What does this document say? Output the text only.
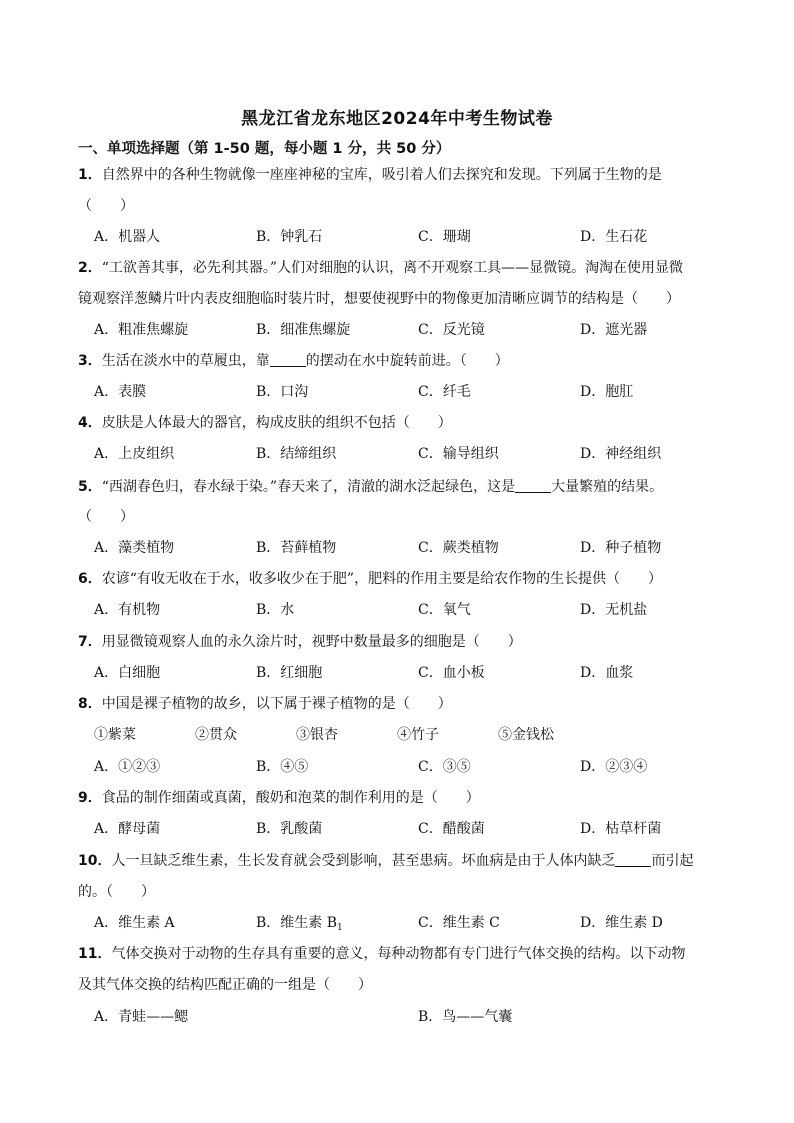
黑龙江省龙东地区2024年中考生物试卷
一、单项选择题（第 1-50 题，每小题 1 分，共 50 分）
1．自然界中的各种生物就像一座座神秘的宝库，吸引着人们去探究和发现。下列属于生物的是
（　　）
A．机器人	B．钟乳石	C．珊瑚	D．生石花
2．“工欲善其事，必先利其器。”人们对细胞的认识，离不开观察工具——显微镜。淘淘在使用显微
镜观察洋葱鳞片叶内表皮细胞临时装片时，想要使视野中的物像更加清晰应调节的结构是（　　）
A．粗准焦螺旋	B．细准焦螺旋	C．反光镜	D．遮光器
3．生活在淡水中的草履虫，靠	的摆动在水中旋转前进。（　　）
A．表膜	B．口沟	C．纤毛	D．胞肛
4．皮肤是人体最大的器官，构成皮肤的组织不包括（　　）
A．上皮组织	B．结缔组织	C．输导组织	D．神经组织
5．“西湖春色归，春水绿于染。”春天来了，清澈的湖水泛起绿色，这是	大量繁殖的结果。
（　　）
A．藻类植物	B．苔藓植物	C．蕨类植物	D．种子植物
6．农谚“有收无收在于水，收多收少在于肥”，肥料的作用主要是给农作物的生长提供（　　）
A．有机物	B．水	C．氧气	D．无机盐
7．用显微镜观察人血的永久涂片时，视野中数量最多的细胞是（　　）
A．白细胞	B．红细胞	C．血小板	D．血浆
8．中国是裸子植物的故乡，以下属于裸子植物的是（　　）
①紫菜	②贯众	③银杏	④竹子	⑤金钱松
A．①②③	B．④⑤	C．③⑤	D．②③④
9．食品的制作细菌或真菌，酸奶和泡菜的制作利用的是（　　）
A．酵母菌	B．乳酸菌	C．醋酸菌	D．枯草杆菌
10．人一旦缺乏维生素，生长发育就会受到影响，甚至患病。坏血病是由于人体内缺乏	而引起
的。（　　）
A．维生素 A	B．维生素 $B_1$	C．维生素 C	D．维生素 D
11．气体交换对于动物的生存具有重要的意义，每种动物都有专门进行气体交换的结构。以下动物
及其气体交换的结构匹配正确的一组是（　　）
A．青蛙——鳃	B．鸟——气囊
